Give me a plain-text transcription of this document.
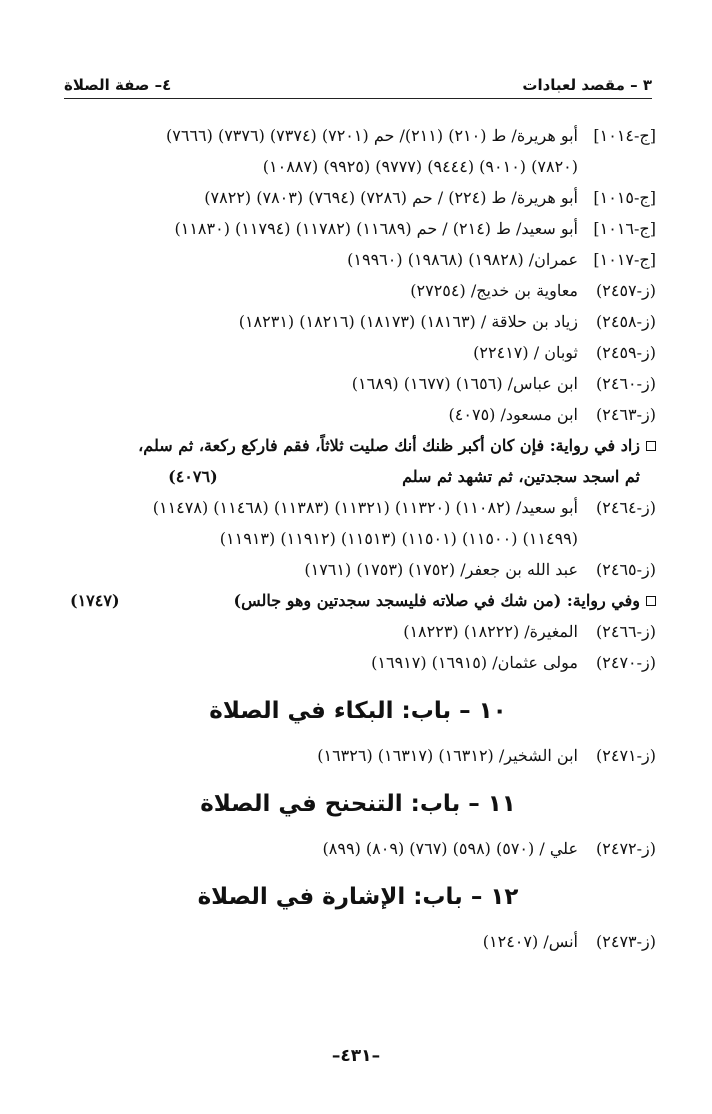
٤– صفة الصلاة	٣ – مقصد لعبادات
[ج-١٠١٤]أبو هريرة/ ط (٢١٠) (٢١١)/ حم (٧٢٠١) (٧٣٧٤) (٧٣٧٦) (٧٦٦٦)
(٧٨٢٠) (٩٠١٠) (٩٤٤٤) (٩٧٧٧) (٩٩٢٥) (١٠٨٨٧)
[ج-١٠١٥]أبو هريرة/ ط (٢٢٤) / حم (٧٢٨٦) (٧٦٩٤) (٧٨٠٣) (٧٨٢٢)
[ج-١٠١٦]أبو سعيد/ ط (٢١٤) / حم (١١٦٨٩) (١١٧٨٢) (١١٧٩٤) (١١٨٣٠)
[ج-١٠١٧]عمران/ (١٩٨٢٨) (١٩٨٦٨) (١٩٩٦٠)
(ز-٢٤٥٧)معاوية بن خديج/ (٢٧٢٥٤)
(ز-٢٤٥٨)زياد بن حلاقة / (١٨١٦٣) (١٨١٧٣) (١٨٢١٦) (١٨٢٣١)
(ز-٢٤٥٩)ثوبان / (٢٢٤١٧)
(ز-٢٤٦٠)ابن عباس/ (١٦٥٦) (١٦٧٧) (١٦٨٩)
(ز-٢٤٦٣)ابن مسعود/ (٤٠٧٥)
زاد في رواية: فإن كان أكبر ظنك أنك صليت ثلاثاً، فقم فاركع ركعة، ثم سلم،
ثم اسجد سجدتين، ثم تشهد ثم سلم
(٤٠٧٦)
(ز-٢٤٦٤)أبو سعيد/ (١١٠٨٢) (١١٣٢٠) (١١٣٢١) (١١٣٨٣) (١١٤٦٨) (١١٤٧٨)
(١١٤٩٩) (١١٥٠٠) (١١٥٠١) (١١٥١٣) (١١٩١٢) (١١٩١٣)
(ز-٢٤٦٥)عبد الله بن جعفر/ (١٧٥٢) (١٧٥٣) (١٧٦١)
وفي رواية: (من شك في صلاته فليسجد سجدتين وهو جالس)
(١٧٤٧)
(ز-٢٤٦٦)المغيرة/ (١٨٢٢٢) (١٨٢٢٣)
(ز-٢٤٧٠)مولى عثمان/ (١٦٩١٥) (١٦٩١٧)
١٠ – باب: البكاء في الصلاة
(ز-٢٤٧١)ابن الشخير/ (١٦٣١٢) (١٦٣١٧) (١٦٣٢٦)
١١ – باب: التنحنح في الصلاة
(ز-٢٤٧٢)علي / (٥٧٠) (٥٩٨) (٧٦٧) (٨٠٩) (٨٩٩)
١٢ – باب: الإشارة في الصلاة
(ز-٢٤٧٣)أنس/ (١٢٤٠٧)
–٤٣١–
